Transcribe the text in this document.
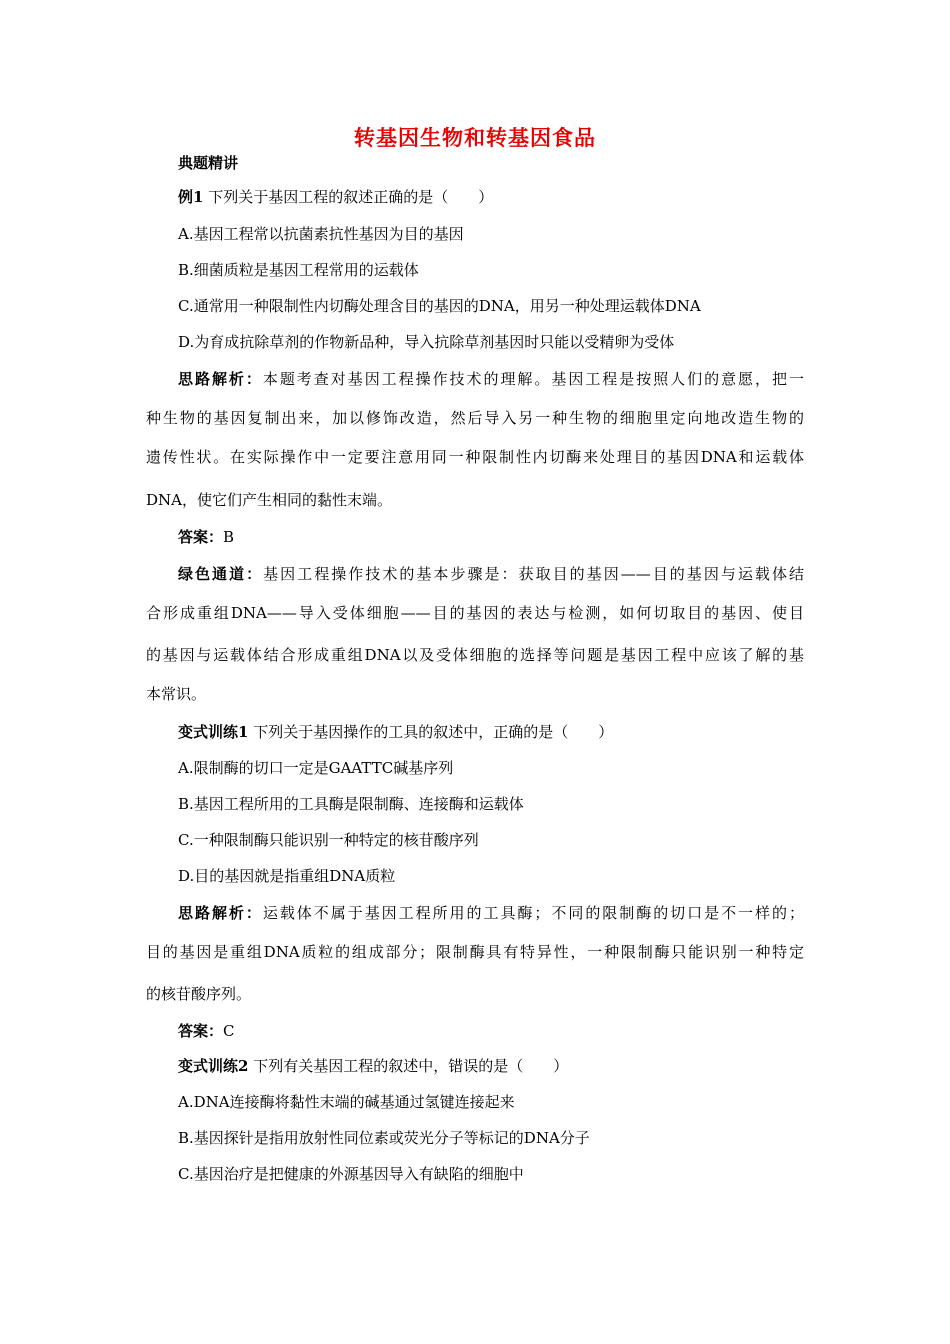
转基因生物和转基因食品
典题精讲
例1 下列关于基因工程的叙述正确的是（　　）
A.基因工程常以抗菌素抗性基因为目的基因
B.细菌质粒是基因工程常用的运载体
C.通常用一种限制性内切酶处理含目的基因的DNA，用另一种处理运载体DNA
D.为育成抗除草剂的作物新品种，导入抗除草剂基因时只能以受精卵为受体
思路解析：本题考查对基因工程操作技术的理解。基因工程是按照人们的意愿，把一
种生物的基因复制出来，加以修饰改造，然后导入另一种生物的细胞里定向地改造生物的
遗传性状。在实际操作中一定要注意用同一种限制性内切酶来处理目的基因DNA和运载体
DNA，使它们产生相同的黏性末端。
答案：B
绿色通道：基因工程操作技术的基本步骤是：获取目的基因——目的基因与运载体结
合形成重组DNA——导入受体细胞——目的基因的表达与检测，如何切取目的基因、使目
的基因与运载体结合形成重组DNA以及受体细胞的选择等问题是基因工程中应该了解的基
本常识。
变式训练1 下列关于基因操作的工具的叙述中，正确的是（　　）
A.限制酶的切口一定是GAATTC碱基序列
B.基因工程所用的工具酶是限制酶、连接酶和运载体
C.一种限制酶只能识别一种特定的核苷酸序列
D.目的基因就是指重组DNA质粒
思路解析：运载体不属于基因工程所用的工具酶；不同的限制酶的切口是不一样的；
目的基因是重组DNA质粒的组成部分；限制酶具有特异性，一种限制酶只能识别一种特定
的核苷酸序列。
答案：C
变式训练2 下列有关基因工程的叙述中，错误的是（　　）
A.DNA连接酶将黏性末端的碱基通过氢键连接起来
B.基因探针是指用放射性同位素或荧光分子等标记的DNA分子
C.基因治疗是把健康的外源基因导入有缺陷的细胞中
